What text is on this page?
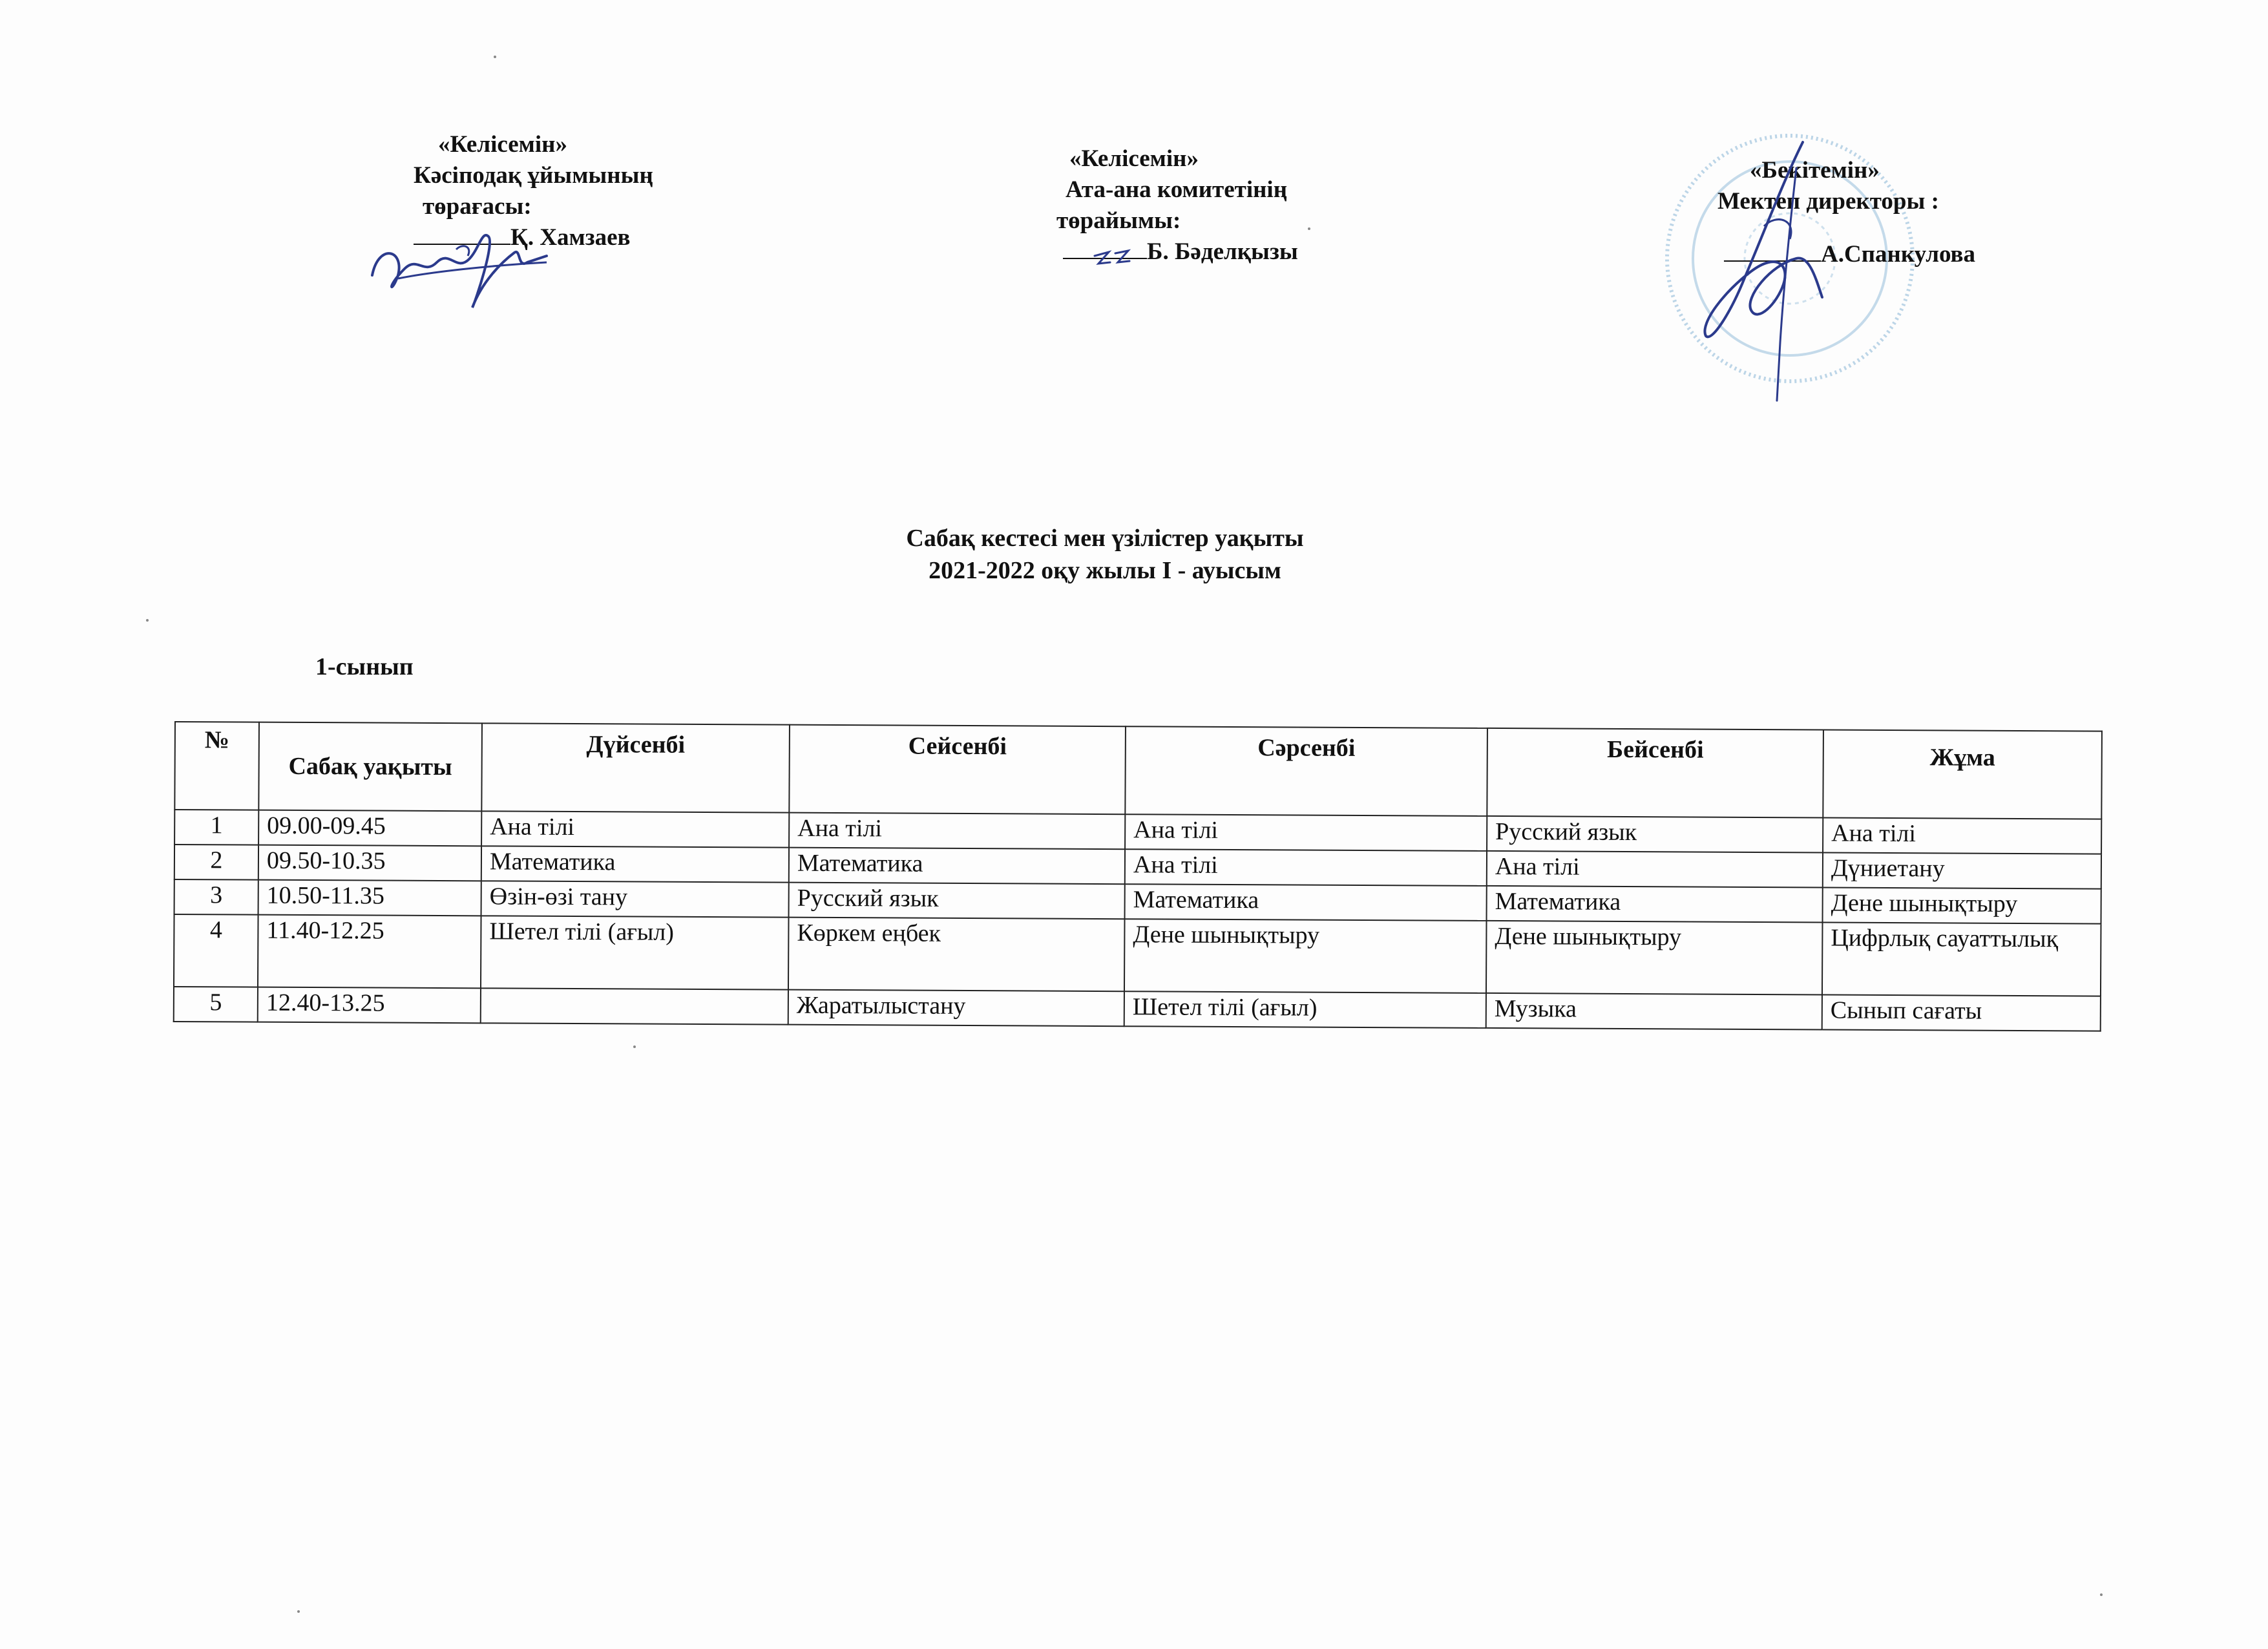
«Келісемін»
Кәсіподақ ұйымының
төрағасы:
Қ. Хамзаев
«Келісемін»
Ата-ана комитетінің
төрайымы:
Б. Бәделқызы
«Бекітемін»
Мектеп директоры :
А.Спанкулова
Сабақ кестесі мен үзілістер уақыты
2021-2022 оқу жылы І - ауысым
1-сынып
№	Сабақ уақыты	Дүйсенбі	Сейсенбі	Сәрсенбі	Бейсенбі	Жұма
1	09.00-09.45	Ана тілі	Ана тілі	Ана тілі	Русский язык	Ана тілі
2	09.50-10.35	Математика	Математика	Ана тілі	Ана тілі	Дүниетану
3	10.50-11.35	Өзін-өзі тану	Русский язык	Математика	Математика	Дене шынықтыру
4	11.40-12.25	Шетел тілі (ағыл)	Көркем еңбек	Дене шынықтыру	Дене шынықтыру	Цифрлық сауаттылық
5	12.40-13.25		Жаратылыстану	Шетел тілі (ағыл)	Музыка	Сынып сағаты
